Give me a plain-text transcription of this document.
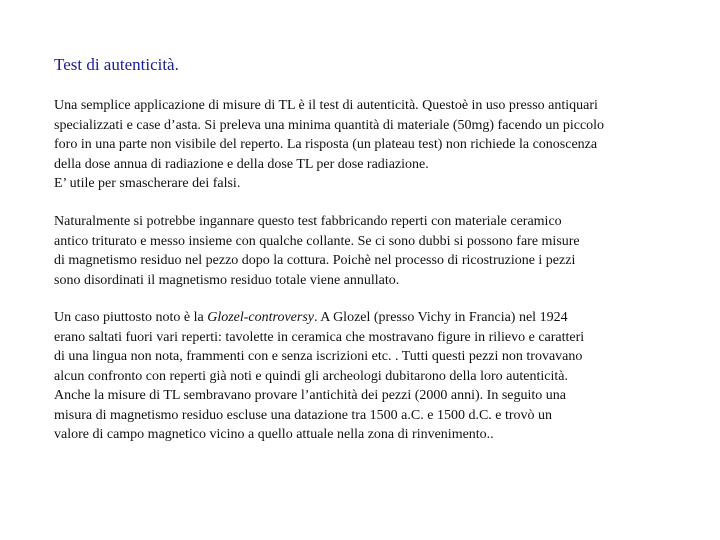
Test di autenticità.
Una semplice applicazione di misure di TL è il test di autenticità. Questoè in uso presso antiquari
specializzati e case d’asta. Si preleva una minima quantità di materiale (50mg) facendo un piccolo
foro in una parte non visibile del reperto. La risposta (un plateau test) non richiede la conoscenza
della dose annua di radiazione e della dose TL per dose radiazione.
E’ utile per smascherare dei falsi.
Naturalmente si potrebbe ingannare questo test fabbricando reperti con materiale ceramico
antico triturato e messo insieme con qualche collante. Se ci sono dubbi si possono fare misure
di magnetismo residuo nel pezzo dopo la cottura. Poichè nel processo di ricostruzione i pezzi
sono disordinati il magnetismo residuo totale viene annullato.
Un caso piuttosto noto è la Glozel-controversy. A Glozel (presso Vichy in Francia) nel 1924
erano saltati fuori vari reperti: tavolette in ceramica che mostravano figure in rilievo e caratteri
di una lingua non nota, frammenti con e senza iscrizioni etc. . Tutti questi pezzi non trovavano
alcun confronto con reperti già noti e quindi gli archeologi dubitarono della loro autenticità.
Anche la misure di TL sembravano provare l’antichità dei pezzi (2000 anni). In seguito una
misura di magnetismo residuo escluse una datazione tra 1500 a.C. e 1500 d.C. e trovò un
valore di campo magnetico vicino a quello attuale nella zona di rinvenimento..
